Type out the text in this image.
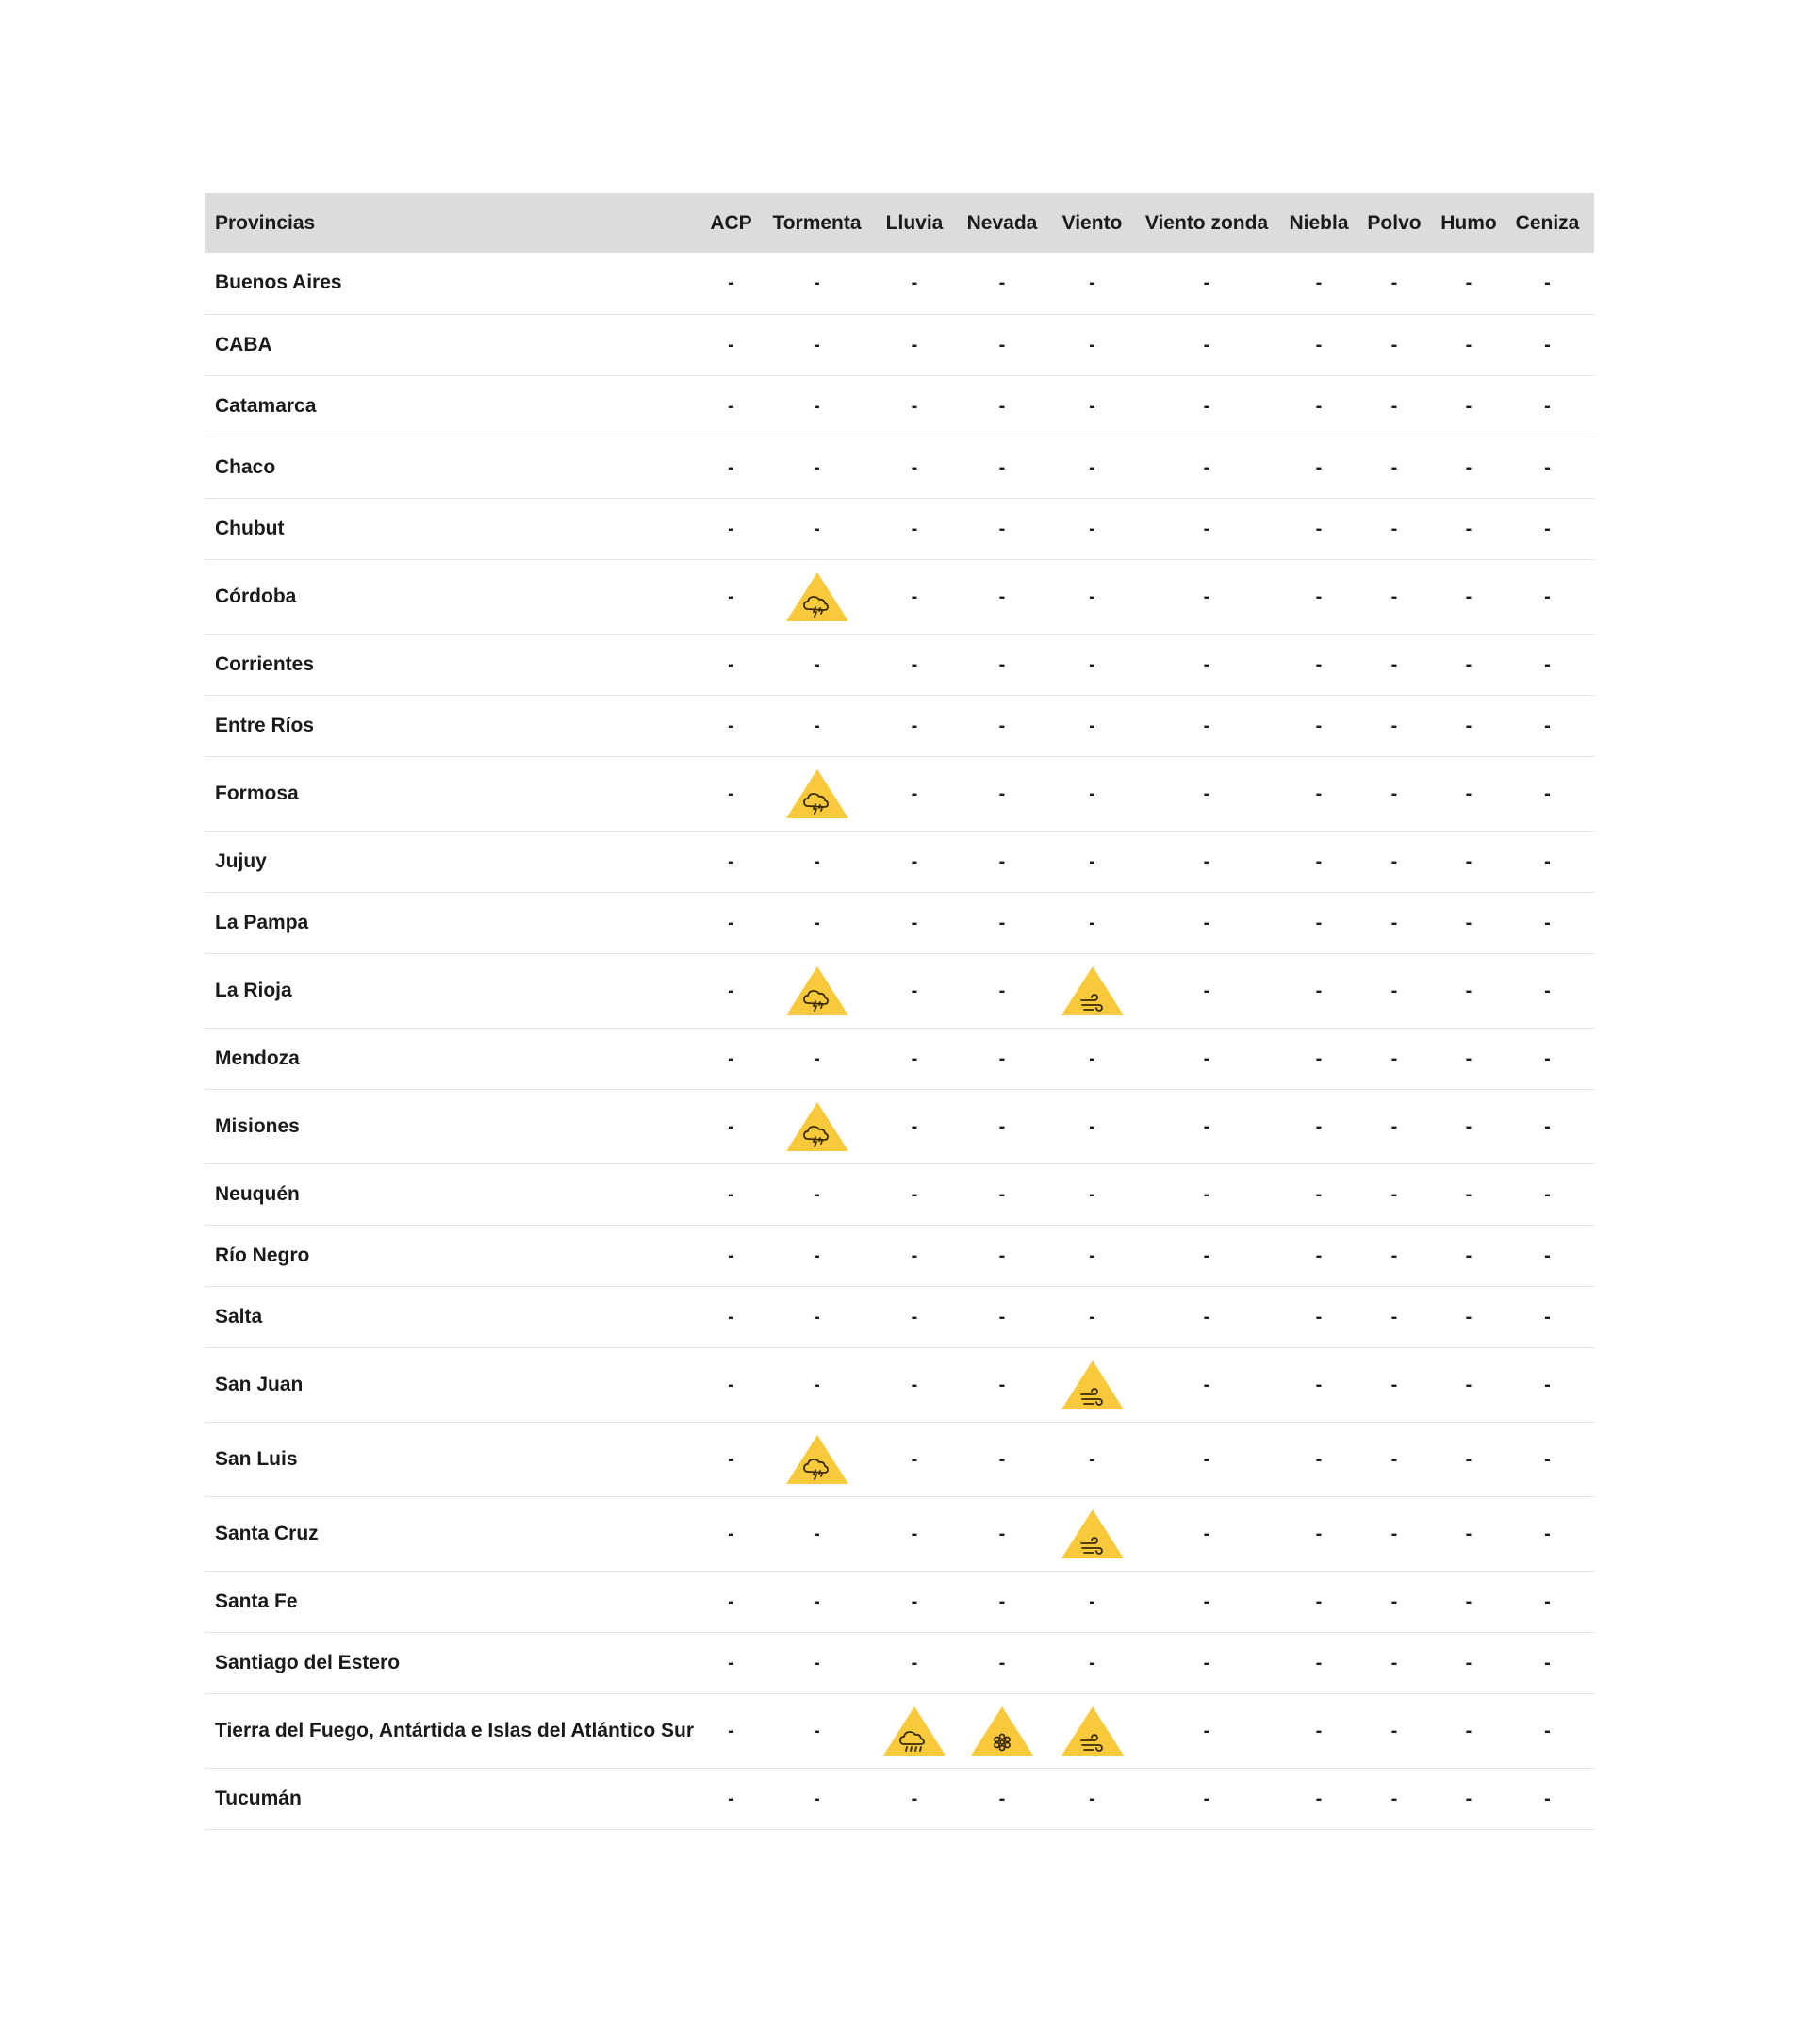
Provincias	ACP	Tormenta	Lluvia	Nevada	Viento	Viento zonda	Niebla	Polvo	Humo	Ceniza
Buenos Aires	-	-	-	-	-	-	-	-	-	-
CABA	-	-	-	-	-	-	-	-	-	-
Catamarca	-	-	-	-	-	-	-	-	-	-
Chaco	-	-	-	-	-	-	-	-	-	-
Chubut	-	-	-	-	-	-	-	-	-	-
Córdoba	-		-	-	-	-	-	-	-	-
Corrientes	-	-	-	-	-	-	-	-	-	-
Entre Ríos	-	-	-	-	-	-	-	-	-	-
Formosa	-		-	-	-	-	-	-	-	-
Jujuy	-	-	-	-	-	-	-	-	-	-
La Pampa	-	-	-	-	-	-	-	-	-	-
La Rioja	-		-	-		-	-	-	-	-
Mendoza	-	-	-	-	-	-	-	-	-	-
Misiones	-		-	-	-	-	-	-	-	-
Neuquén	-	-	-	-	-	-	-	-	-	-
Río Negro	-	-	-	-	-	-	-	-	-	-
Salta	-	-	-	-	-	-	-	-	-	-
San Juan	-	-	-	-		-	-	-	-	-
San Luis	-		-	-	-	-	-	-	-	-
Santa Cruz	-	-	-	-		-	-	-	-	-
Santa Fe	-	-	-	-	-	-	-	-	-	-
Santiago del Estero	-	-	-	-	-	-	-	-	-	-
Tierra del Fuego, Antártida e Islas del Atlántico Sur	-	-				-	-	-	-	-
Tucumán	-	-	-	-	-	-	-	-	-	-
